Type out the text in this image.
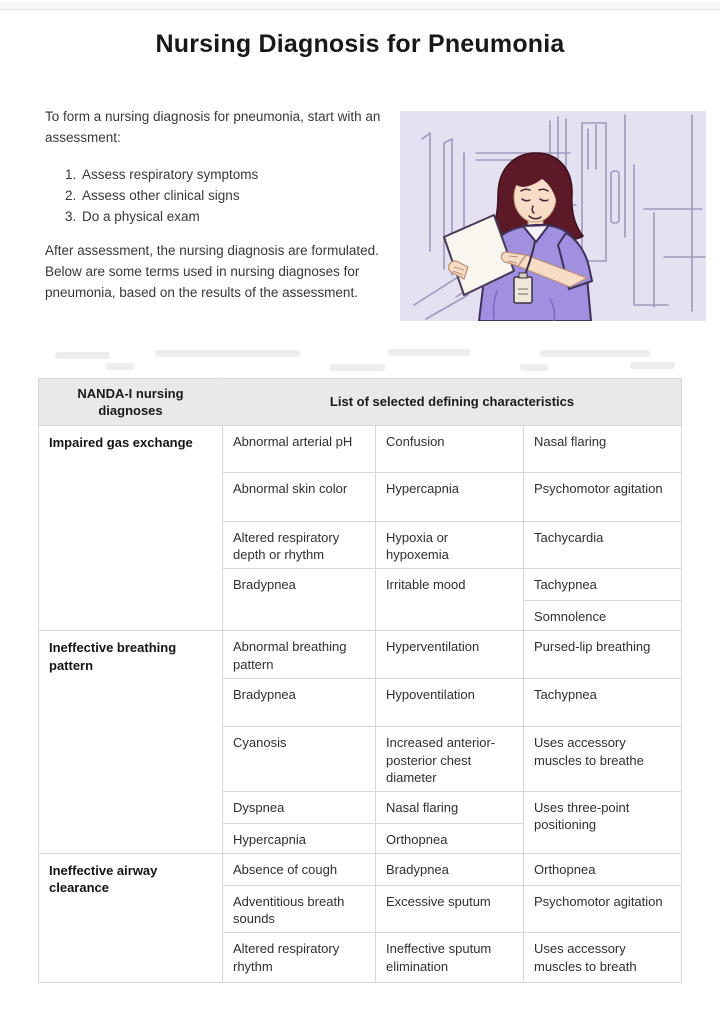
Nursing Diagnosis for Pneumonia

To form a nursing diagnosis for pneumonia, start with an assessment:

1. Assess respiratory symptoms
2. Assess other clinical signs
3. Do a physical exam

After assessment, the nursing diagnosis are formulated. Below are some terms used in nursing diagnoses for pneumonia, based on the results of the assessment.

NANDA-I nursing diagnoses	List of selected defining characteristics		
Impaired gas exchange	Abnormal arterial pH	Confusion	Nasal flaring
	Abnormal skin color	Hypercapnia	Psychomotor agitation
	Altered respiratory depth or rhythm	Hypoxia or hypoxemia	Tachycardia
	Bradypnea	Irritable mood	Tachypnea
			Somnolence
Ineffective breathing pattern	Abnormal breathing pattern	Hyperventilation	Pursed-lip breathing
	Bradypnea	Hypoventilation	Tachypnea
	Cyanosis	Increased anterior-posterior chest diameter	Uses accessory muscles to breathe
	Dyspnea	Nasal flaring	Uses three-point positioning
	Hypercapnia	Orthopnea	
Ineffective airway clearance	Absence of cough	Bradypnea	Orthopnea
	Adventitious breath sounds	Excessive sputum	Psychomotor agitation
	Altered respiratory rhythm	Ineffective sputum elimination	Uses accessory muscles to breath
